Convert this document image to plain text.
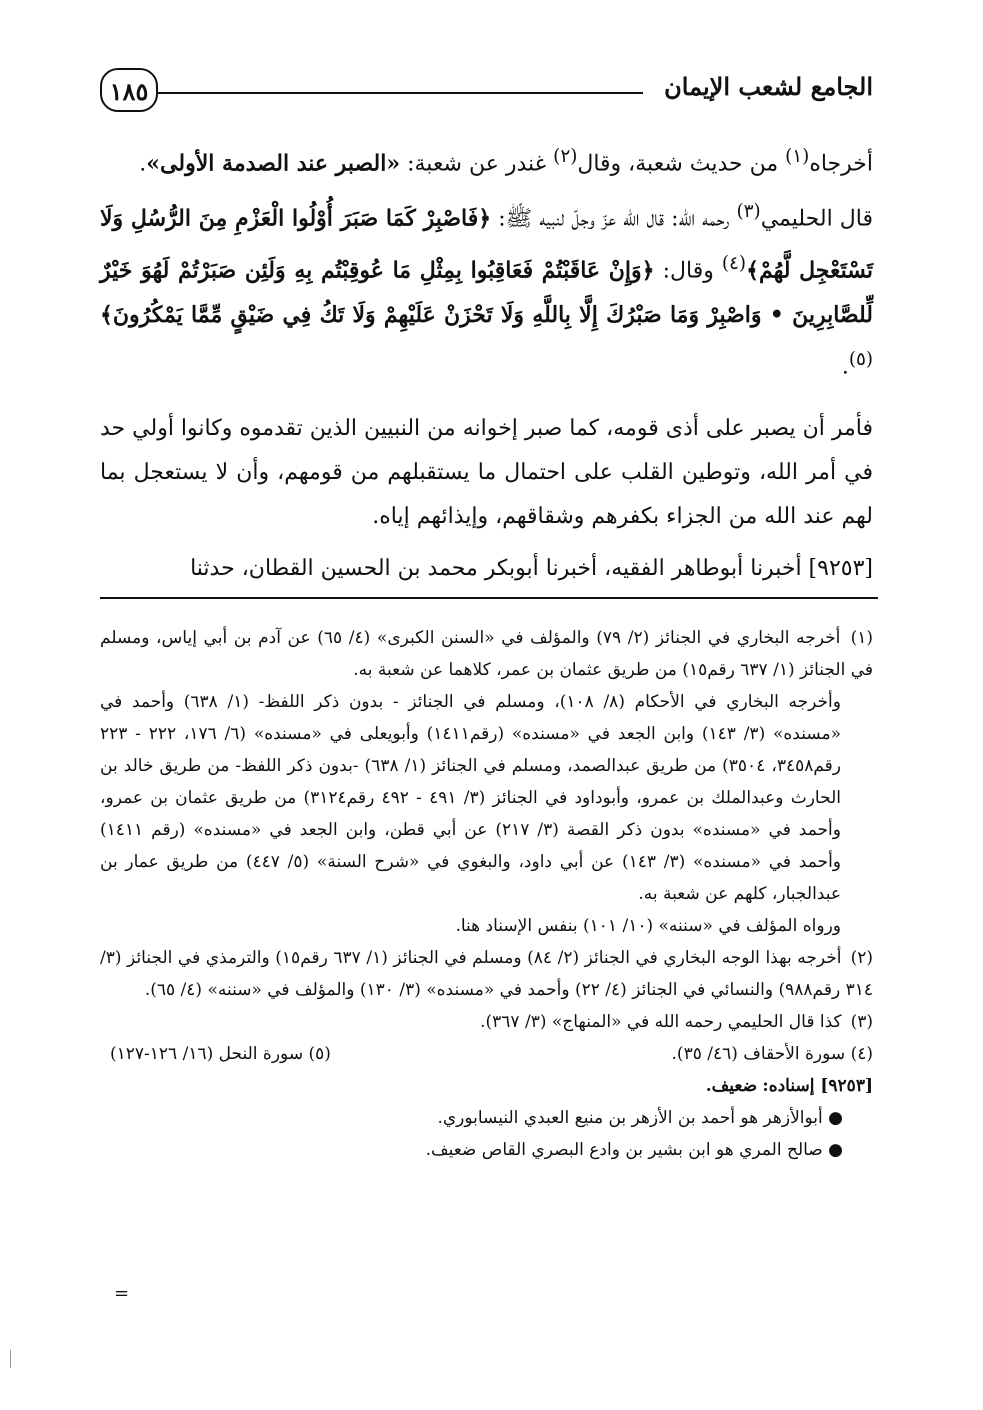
الجامع لشعب الإيمان
١٨٥

أخرجاه$^{(١)}$ من حديث شعبة، وقال$^{(٢)}$ غندر عن شعبة: «الصبر عند الصدمة الأولى».

قال الحليمي$^{(٣)}$ رحمه الله: قال الله عزّ وجلّ لنبيه ﷺ: ﴿فَاصْبِرْ كَمَا صَبَرَ أُوْلُوا الْعَزْمِ مِنَ الرُّسُلِ وَلَا تَسْتَعْجِل لَّهُمْ﴾$^{(٤)}$ وقال: ﴿وَإِنْ عَاقَبْتُمْ فَعَاقِبُوا بِمِثْلِ مَا عُوقِبْتُم بِهِ وَلَئِن صَبَرْتُمْ لَهُوَ خَيْرٌ لِّلصَّابِرِينَ • وَاصْبِرْ وَمَا صَبْرُكَ إِلَّا بِاللَّهِ وَلَا تَحْزَنْ عَلَيْهِمْ وَلَا تَكُ فِي ضَيْقٍ مِّمَّا يَمْكُرُونَ﴾$^{(٥)}$.

فأمر أن يصبر على أذى قومه، كما صبر إخوانه من النبيين الذين تقدموه وكانوا أولي حد في أمر الله، وتوطين القلب على احتمال ما يستقبلهم من قومهم، وأن لا يستعجل بما لهم عند الله من الجزاء بكفرهم وشقاقهم، وإيذائهم إياه.

[٩٢٥٣] أخبرنا أبوطاهر الفقيه، أخبرنا أبوبكر محمد بن الحسين القطان، حدثنا

(١) أخرجه البخاري في الجنائز (٢/ ٧٩) والمؤلف في «السنن الكبرى» (٤/ ٦٥) عن آدم بن أبي إياس، ومسلم في الجنائز (١/ ٦٣٧ رقم١٥) من طريق عثمان بن عمر، كلاهما عن شعبة به.

وأخرجه البخاري في الأحكام (٨/ ١٠٨)، ومسلم في الجنائز - بدون ذكر اللفظ- (١/ ٦٣٨) وأحمد في «مسنده» (٣/ ١٤٣) وابن الجعد في «مسنده» (رقم١٤١١) وأبويعلى في «مسنده» (٦/ ١٧٦، ٢٢٢ - ٢٢٣ رقم٣٤٥٨، ٣٥٠٤) من طريق عبدالصمد، ومسلم في الجنائز (١/ ٦٣٨) -بدون ذكر اللفظ- من طريق خالد بن الحارث وعبدالملك بن عمرو، وأبوداود في الجنائز (٣/ ٤٩١ - ٤٩٢ رقم٣١٢٤) من طريق عثمان بن عمرو، وأحمد في «مسنده» بدون ذكر القصة (٣/ ٢١٧) عن أبي قطن، وابن الجعد في «مسنده» (رقم ١٤١١) وأحمد في «مسنده» (٣/ ١٤٣) عن أبي داود، والبغوي في «شرح السنة» (٥/ ٤٤٧) من طريق عمار بن عبدالجبار، كلهم عن شعبة به.

ورواه المؤلف في «سننه» (١٠/ ١٠١) بنفس الإسناد هنا.

(٢) أخرجه بهذا الوجه البخاري في الجنائز (٢/ ٨٤) ومسلم في الجنائز (١/ ٦٣٧ رقم١٥) والترمذي في الجنائز (٣/ ٣١٤ رقم٩٨٨) والنسائي في الجنائز (٤/ ٢٢) وأحمد في «مسنده» (٣/ ١٣٠) والمؤلف في «سننه» (٤/ ٦٥).

(٣) كذا قال الحليمي رحمه الله في «المنهاج» (٣/ ٣٦٧).

(٤) سورة الأحقاف (٤٦/ ٣٥).
(٥) سورة النحل (١٦/ ١٢٦-١٢٧)

[٩٢٥٣] إسناده: ضعيف.

● أبوالأزهر هو أحمد بن الأزهر بن منيع العبدي النيسابوري.

● صالح المري هو ابن بشير بن وادع البصري القاص ضعيف.

=
